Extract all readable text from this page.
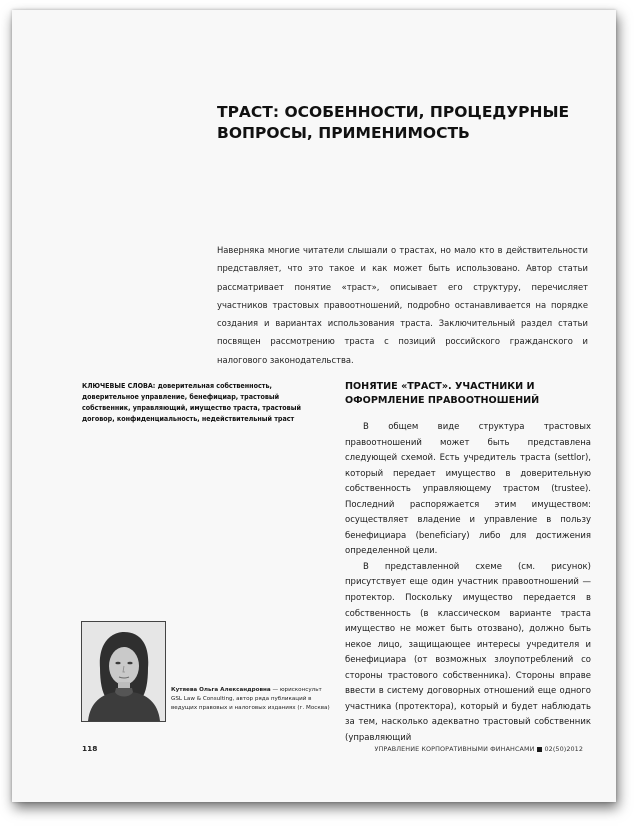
ТРАСТ: ОСОБЕННОСТИ, ПРОЦЕДУРНЫЕ ВОПРОСЫ, ПРИМЕНИМОСТЬ

Наверняка многие читатели слышали о трастах, но мало кто в действительности представляет, что это такое и как может быть использовано. Автор статьи рассматривает понятие «траст», описывает его структуру, перечисляет участников трастовых правоотношений, подробно останавливается на порядке создания и вариантах использования траста. Заключительный раздел статьи посвящен рассмотрению траста с позиций российского гражданского и налогового законодательства.

КЛЮЧЕВЫЕ СЛОВА: доверительная собственность, доверительное управление, бенефициар, трастовый собственник, управляющий, имущество траста, трастовый договор, конфиденциальность, недействительный траст

Кутяева Ольга Александровна — юрисконсульт GSL Law & Consulting, автор ряда публикаций в ведущих правовых и налоговых изданиях (г. Москва)

ПОНЯТИЕ «ТРАСТ». УЧАСТНИКИ И ОФОРМЛЕНИЕ ПРАВООТНОШЕНИЙ

В общем виде структура трастовых правоотношений может быть представлена следующей схемой. Есть учредитель траста (settlor), который передает имущество в доверительную собственность управляющему трастом (trustee). Последний распоряжается этим имуществом: осуществляет владение и управление в пользу бенефициара (beneficiary) либо для достижения определенной цели.

В представленной схеме (см. рисунок) присутствует еще один участник правоотношений — протектор. Поскольку имущество передается в собственность (в классическом варианте траста имущество не может быть отозвано), должно быть некое лицо, защищающее интересы учредителя и бенефициара (от возможных злоупотреблений со стороны трастового собственника). Стороны вправе ввести в систему договорных отношений еще одного участника (протектора), который и будет наблюдать за тем, насколько адекватно трастовый собственник (управляющий

118	УПРАВЛЕНИЕ КОРПОРАТИВНЫМИ ФИНАНСАМИ 02(50)2012
